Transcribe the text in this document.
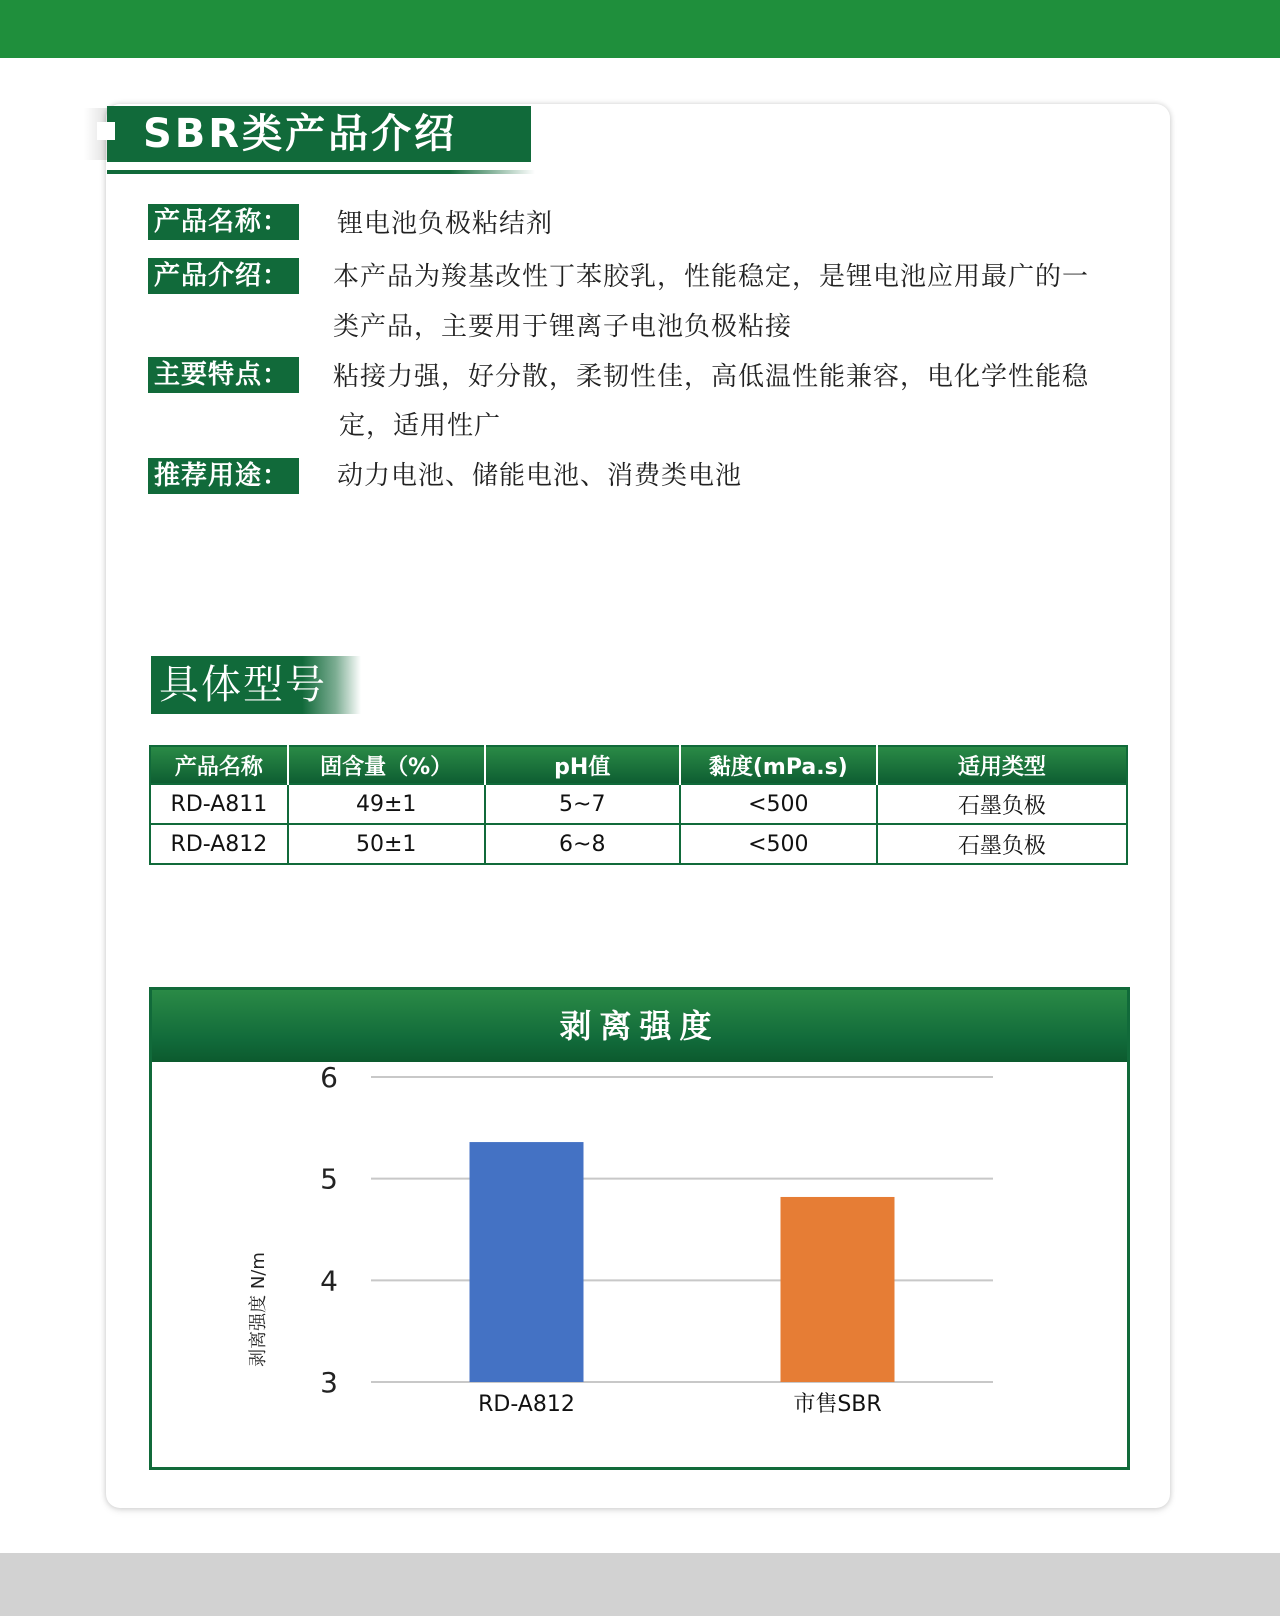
SBR类产品介绍
产品名称：	锂电池负极粘结剂
产品介绍：	本产品为羧基改性丁苯胶乳，性能稳定，是锂电池应用最广的一
类产品，主要用于锂离子电池负极粘接
主要特点：	粘接力强，好分散，柔韧性佳，高低温性能兼容，电化学性能稳
定，适用性广
推荐用途：	动力电池、储能电池、消费类电池
具体型号
产品名称	固含量（%）	pH值	黏度(mPa.s)	适用类型
RD-A811	49±1	5~7	<500	石墨负极
RD-A812	50±1	6~8	<500	石墨负极
剥离强度
3
4
5
6
RD-A812	市售SBR
剥离强度 N/m
